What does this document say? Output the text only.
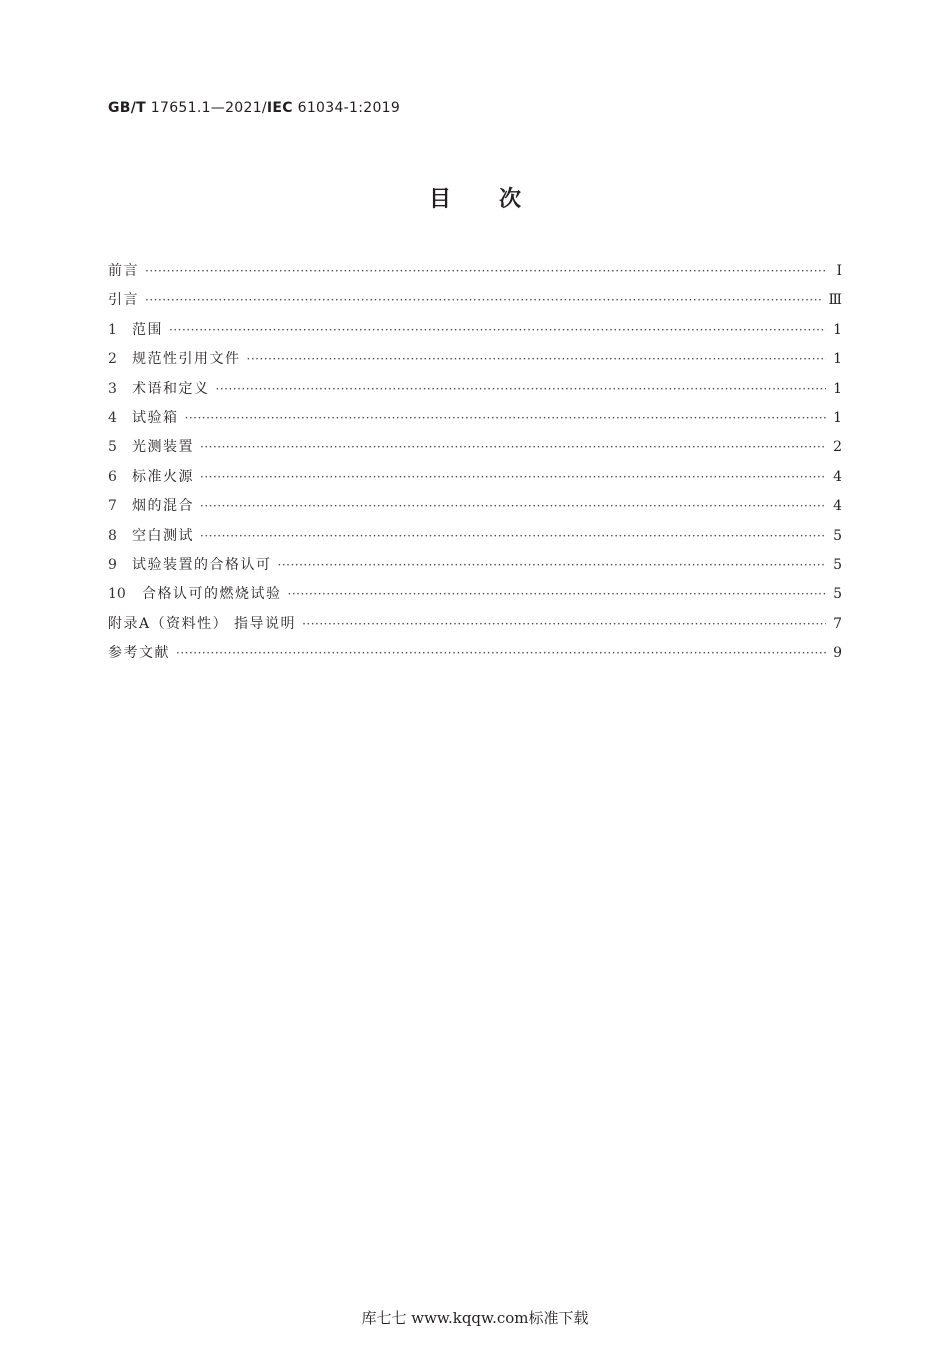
GB/T 17651.1—2021/IEC 61034-1:2019
目次
前言 ·····	Ⅰ
引言 ·····	Ⅲ
1	范围 ·····	1
2	规范性引用文件 ·····	1
3	术语和定义 ·····	1
4	试验箱 ·····	1
5	光测装置 ·····	2
6	标准火源 ·····	4
7	烟的混合 ·····	4
8	空白测试 ·····	5
9	试验装置的合格认可 ·····	5
10	合格认可的燃烧试验 ·····	5
附录A（资料性） 指导说明 ·····	7
参考文献 ·····	9
库七七 www.kqqw.com标准下载
